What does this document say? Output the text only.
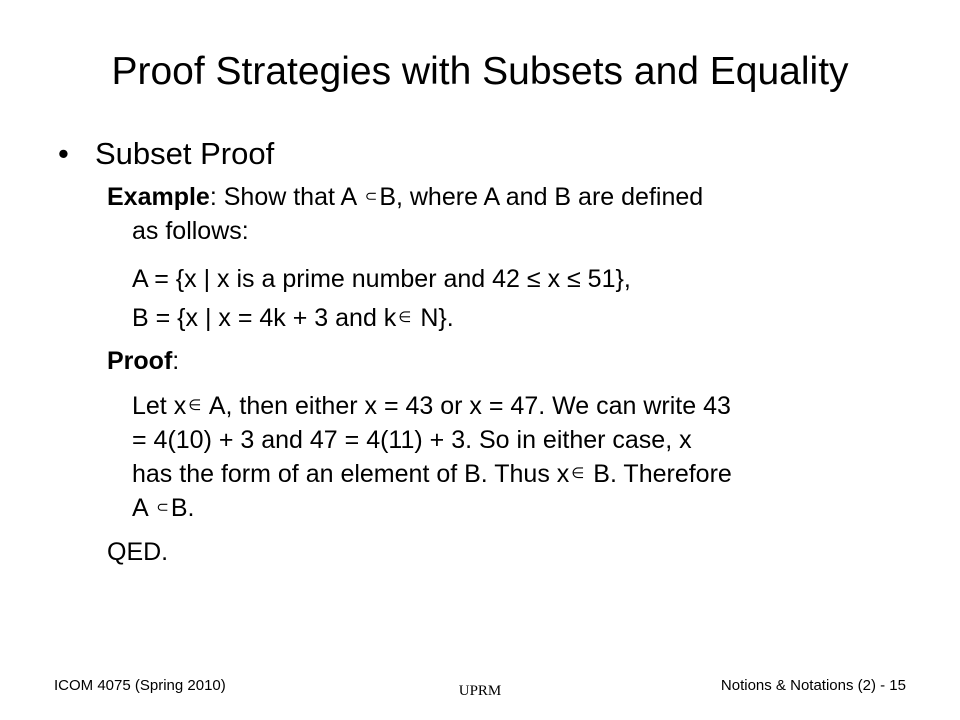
Proof Strategies with Subsets and Equality
• Subset Proof
Example: Show that A ⊂B, where A and B are defined
as follows:
A = {x | x is a prime number and 42 ≤ x ≤ 51},
B = {x | x = 4k + 3 and k ∈ N}.
Proof:
Let x ∈ A, then either x = 43 or x = 47. We can write 43
= 4(10) + 3 and 47 = 4(11) + 3. So in either case, x
has the form of an element of B. Thus x ∈ B. Therefore
A ⊂B.
QED.
ICOM 4075 (Spring 2010)	UPRM	Notions & Notations (2) - 15
